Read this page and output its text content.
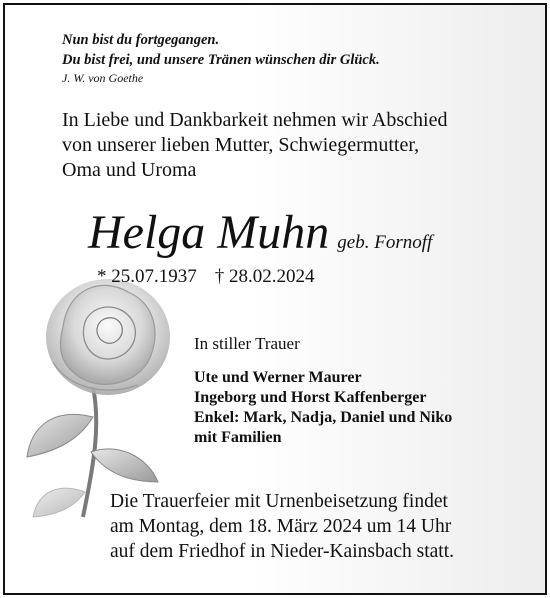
Nun bist du fortgegangen.
Du bist frei, und unsere Tränen wünschen dir Glück.
J. W. von Goethe
In Liebe und Dankbarkeit nehmen wir Abschied
von unserer lieben Mutter, Schwiegermutter,
Oma und Uroma
Helga Muhn geb. Fornoff
* 25.07.1937 † 28.02.2024
In stiller Trauer
Ute und Werner Maurer
Ingeborg und Horst Kaffenberger
Enkel: Mark, Nadja, Daniel und Niko
mit Familien
Die Trauerfeier mit Urnenbeisetzung findet
am Montag, dem 18. März 2024 um 14 Uhr
auf dem Friedhof in Nieder-Kainsbach statt.
